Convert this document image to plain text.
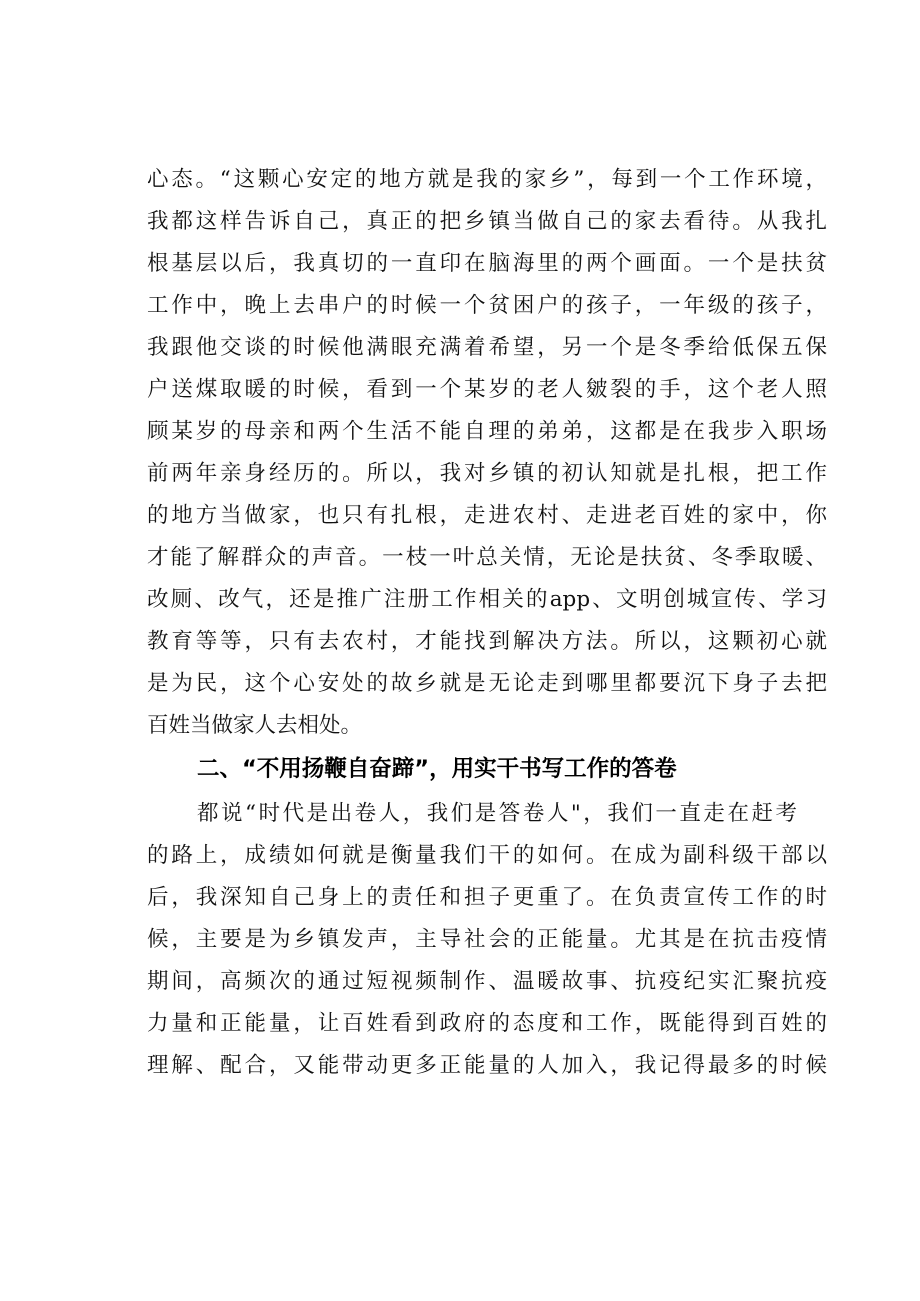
心态。“这颗心安定的地方就是我的家乡”，每到一个工作环境，
我都这样告诉自己，真正的把乡镇当做自己的家去看待。从我扎
根基层以后，我真切的一直印在脑海里的两个画面。一个是扶贫
工作中，晚上去串户的时候一个贫困户的孩子，一年级的孩子，
我跟他交谈的时候他满眼充满着希望，另一个是冬季给低保五保
户送煤取暖的时候，看到一个某岁的老人皴裂的手，这个老人照
顾某岁的母亲和两个生活不能自理的弟弟，这都是在我步入职场
前两年亲身经历的。所以，我对乡镇的初认知就是扎根，把工作
的地方当做家，也只有扎根，走进农村、走进老百姓的家中，你
才能了解群众的声音。一枝一叶总关情，无论是扶贫、冬季取暖、
改厕、改气，还是推广注册工作相关的app、文明创城宣传、学习
教育等等，只有去农村，才能找到解决方法。所以，这颗初心就
是为民，这个心安处的故乡就是无论走到哪里都要沉下身子去把
百姓当做家人去相处。
二、“不用扬鞭自奋蹄”，用实干书写工作的答卷
都说“时代是出卷人，我们是答卷人"，我们一直走在赶考
的路上，成绩如何就是衡量我们干的如何。在成为副科级干部以
后，我深知自己身上的责任和担子更重了。在负责宣传工作的时
候，主要是为乡镇发声，主导社会的正能量。尤其是在抗击疫情
期间，高频次的通过短视频制作、温暖故事、抗疫纪实汇聚抗疫
力量和正能量，让百姓看到政府的态度和工作，既能得到百姓的
理解、配合，又能带动更多正能量的人加入，我记得最多的时候
